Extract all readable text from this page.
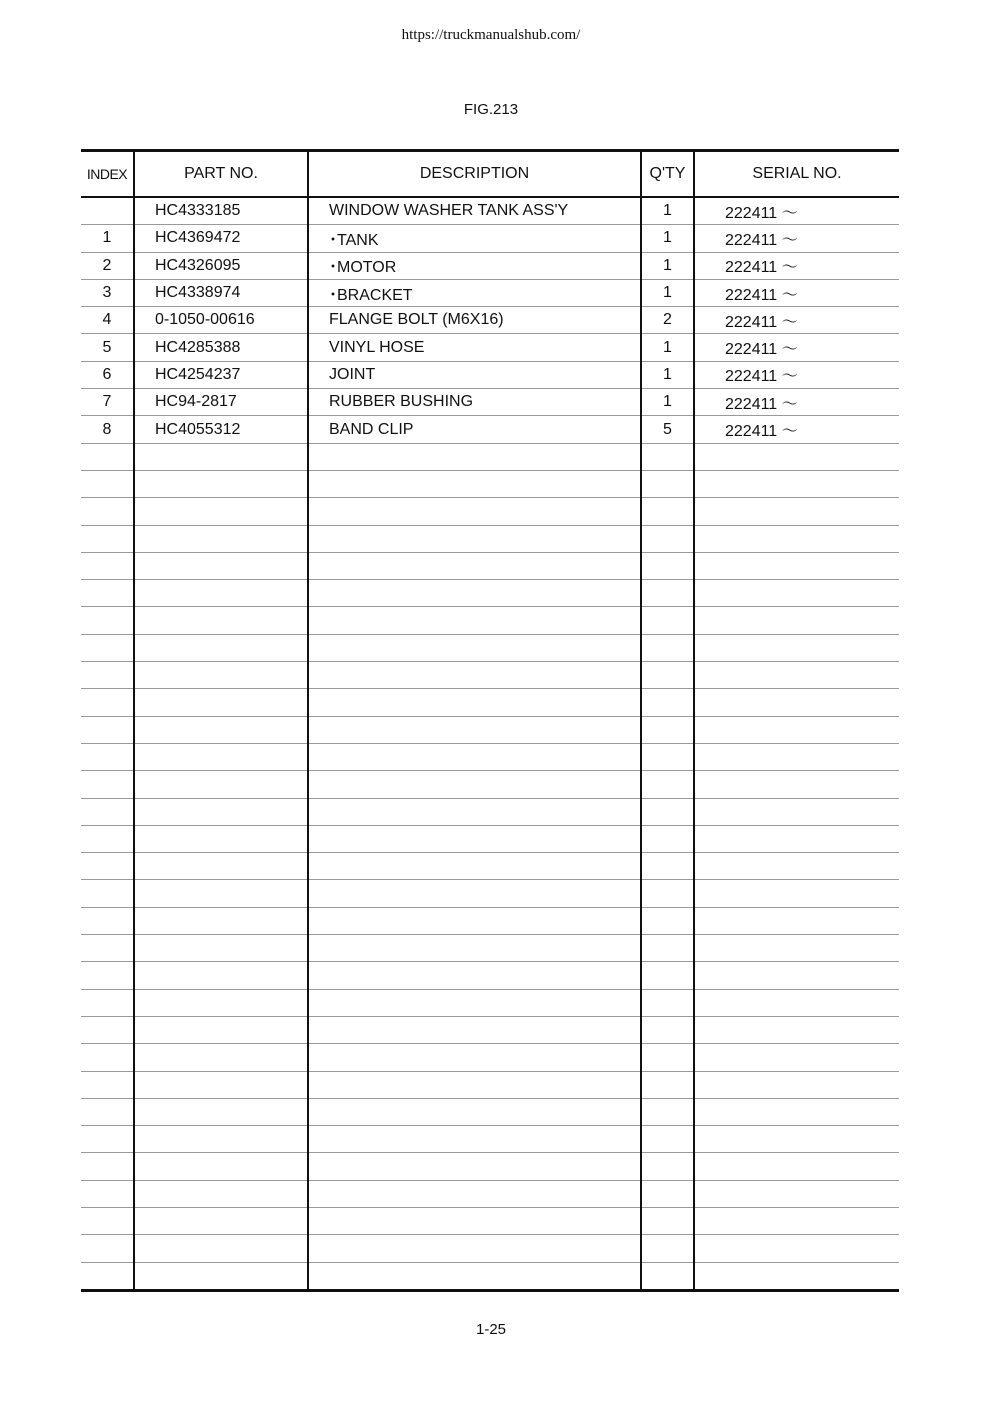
https://truckmanualshub.com/
FIG.213
INDEX	PART NO.	DESCRIPTION	Q'TY	SERIAL NO.
	HC4333185	WINDOW WASHER TANK ASS'Y	1	222411 ～
1	HC4369472	･TANK	1	222411 ～
2	HC4326095	･MOTOR	1	222411 ～
3	HC4338974	･BRACKET	1	222411 ～
4	0-1050-00616	FLANGE BOLT (M6X16)	2	222411 ～
5	HC4285388	VINYL HOSE	1	222411 ～
6	HC4254237	JOINT	1	222411 ～
7	HC94-2817	RUBBER BUSHING	1	222411 ～
8	HC4055312	BAND CLIP	5	222411 ～

1-25
